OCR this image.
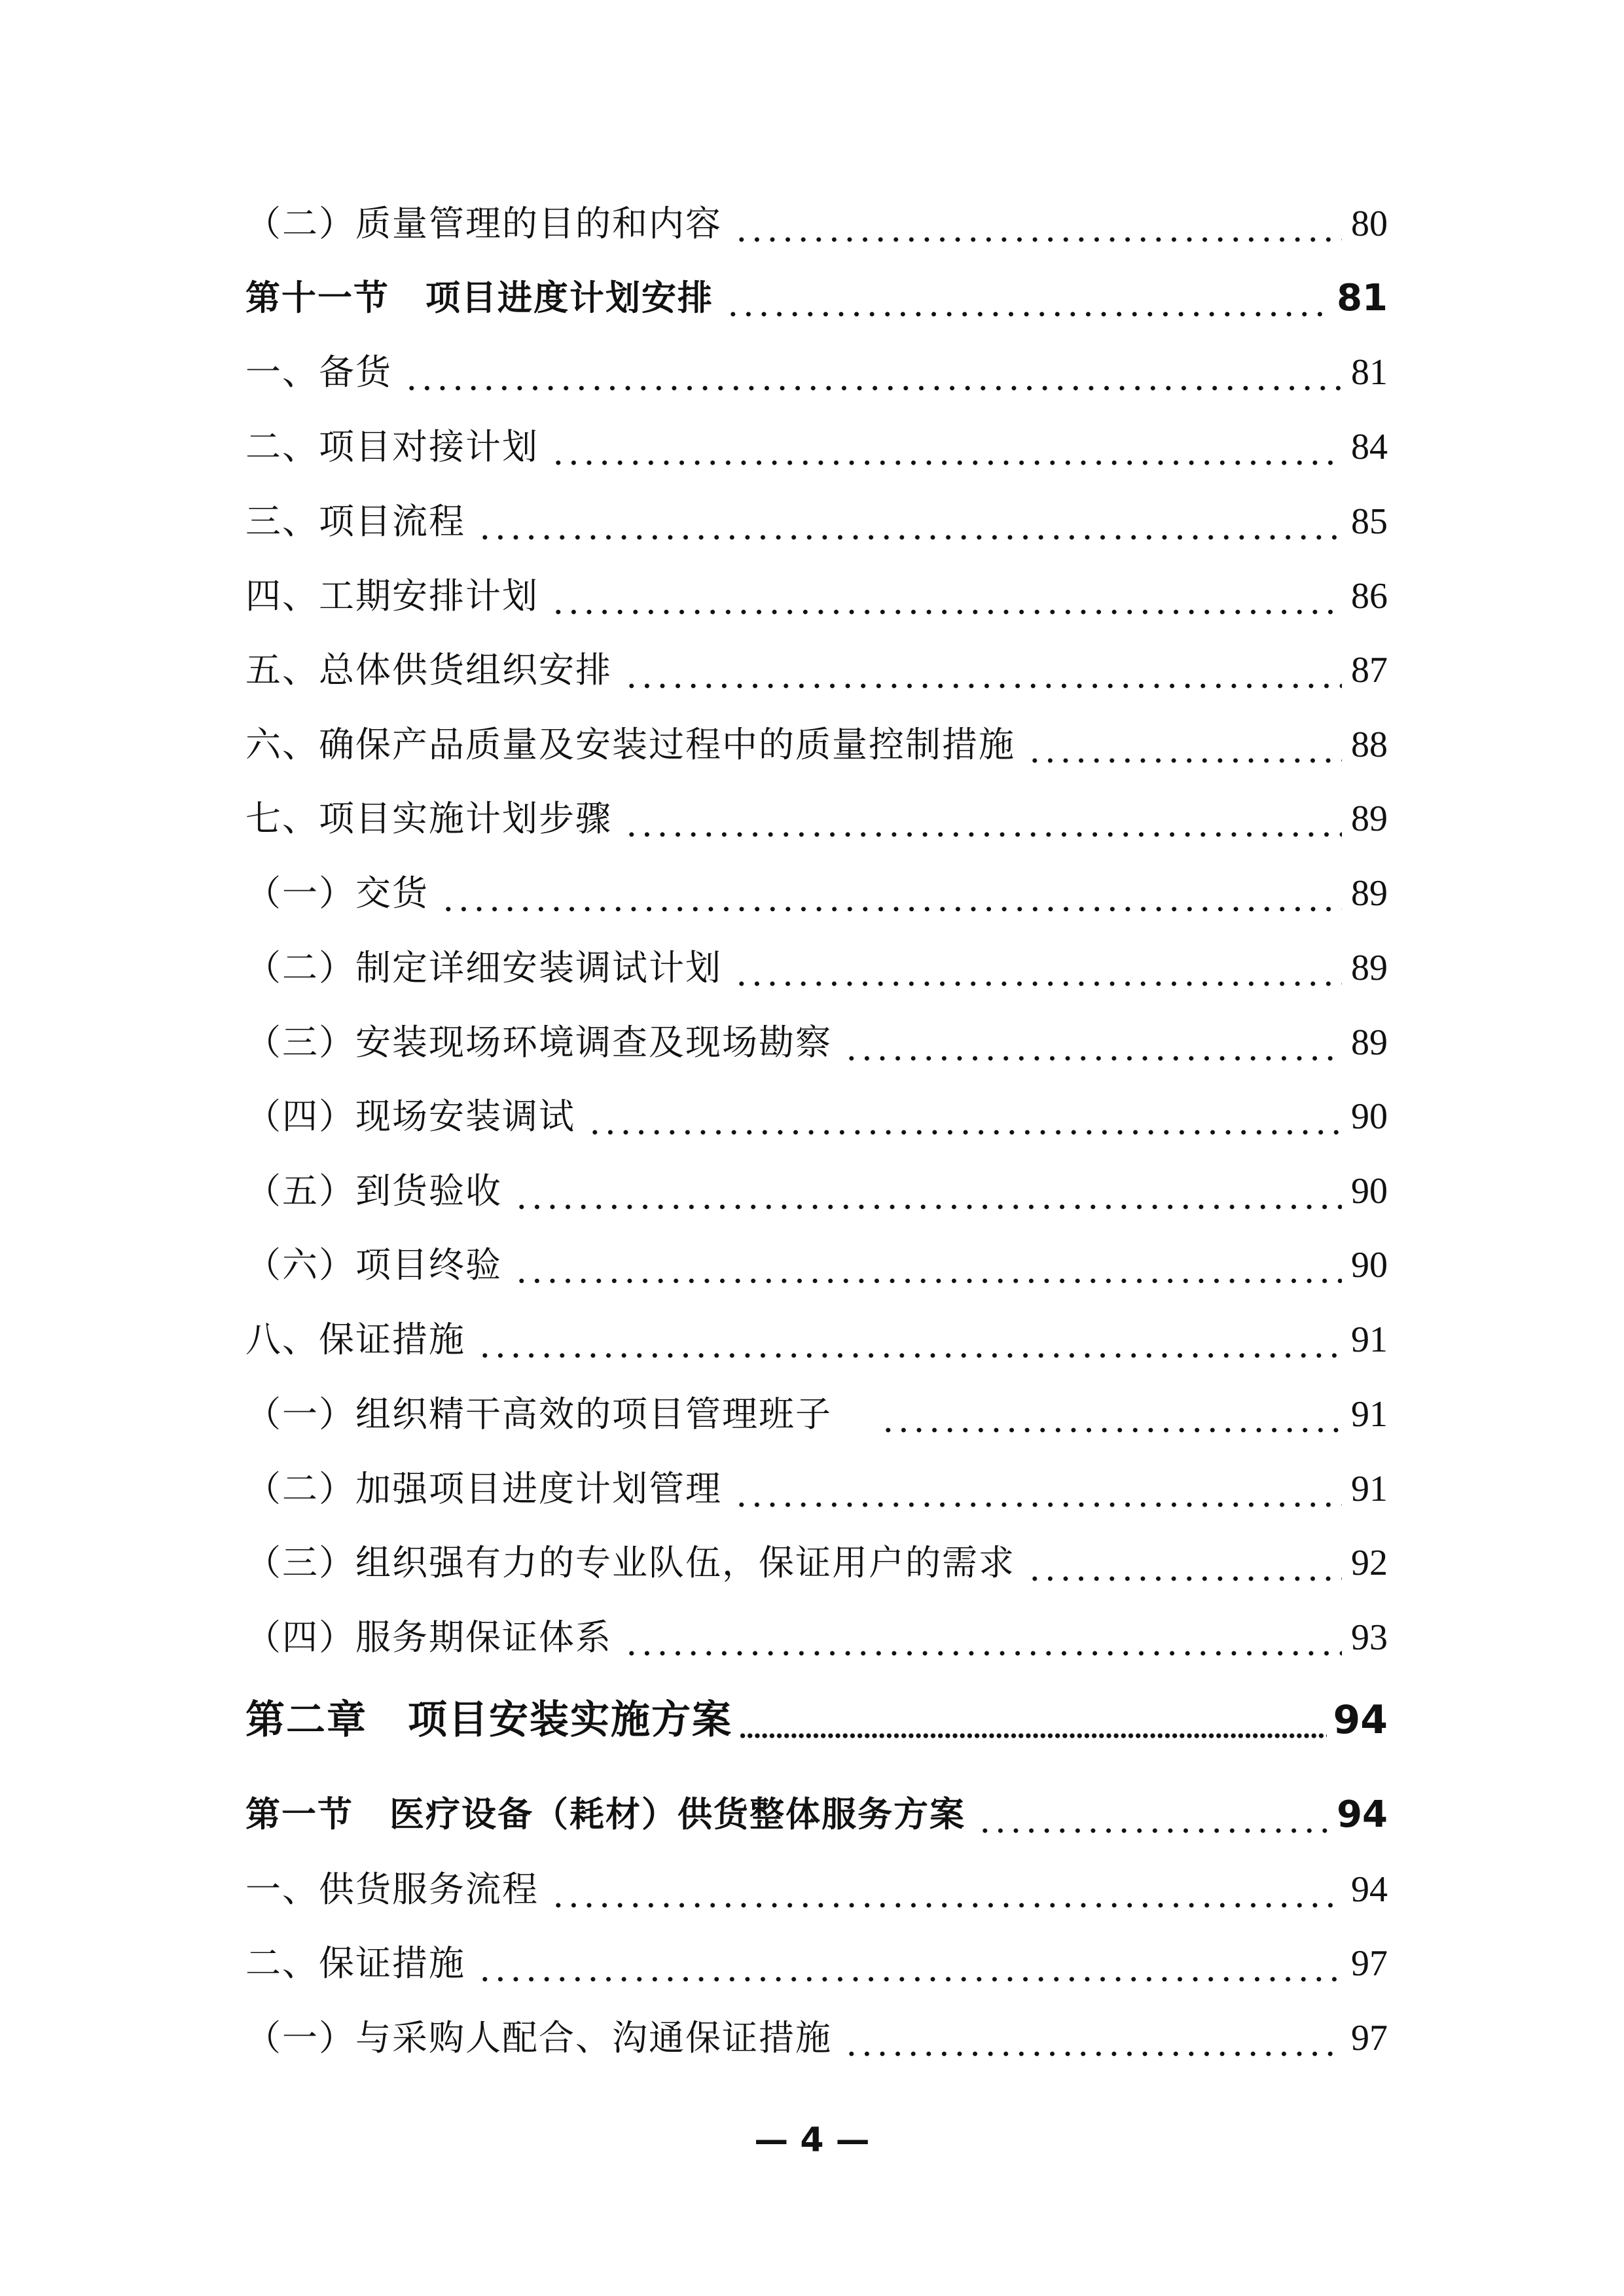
（二）质量管理的目的和内容	80
第十一节　项目进度计划安排	81
一、备货	81
二、项目对接计划	84
三、项目流程	85
四、工期安排计划	86
五、总体供货组织安排	87
六、确保产品质量及安装过程中的质量控制措施	88
七、项目实施计划步骤	89
（一）交货	89
（二）制定详细安装调试计划	89
（三）安装现场环境调查及现场勘察	89
（四）现场安装调试	90
（五）到货验收	90
（六）项目终验	90
八、保证措施	91
（一）组织精干高效的项目管理班子　	91
（二）加强项目进度计划管理	91
（三）组织强有力的专业队伍，保证用户的需求	92
（四）服务期保证体系	93
第二章　项目安装实施方案	94
第一节　医疗设备（耗材）供货整体服务方案	94
一、供货服务流程	94
二、保证措施	97
（一）与采购人配合、沟通保证措施	97
— 4 —
